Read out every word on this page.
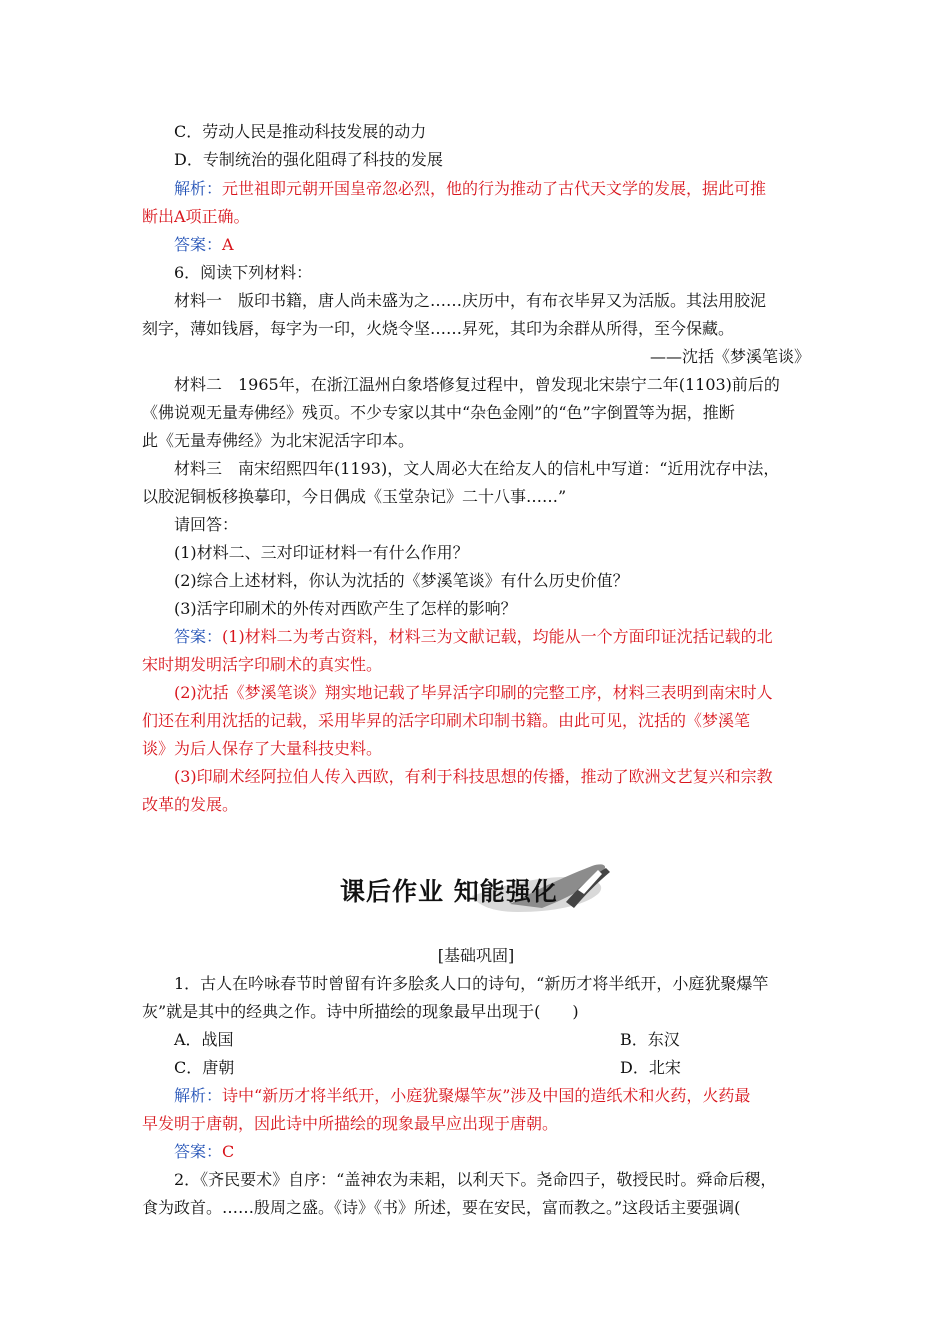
C．劳动人民是推动科技发展的动力
D．专制统治的强化阻碍了科技的发展
解析：元世祖即元朝开国皇帝忽必烈，他的行为推动了古代天文学的发展，据此可推
断出A项正确。
答案：A
6．阅读下列材料：
材料一　版印书籍，唐人尚未盛为之……庆历中，有布衣毕昇又为活版。其法用胶泥
刻字，薄如钱唇，每字为一印，火烧令坚……昇死，其印为余群从所得，至今保藏。
——沈括《梦溪笔谈》
材料二　1965年，在浙江温州白象塔修复过程中，曾发现北宋崇宁二年(1103)前后的
《佛说观无量寿佛经》残页。不少专家以其中“杂色金刚”的“色”字倒置等为据，推断
此《无量寿佛经》为北宋泥活字印本。
材料三　南宋绍熙四年(1193)，文人周必大在给友人的信札中写道：“近用沈存中法，
以胶泥铜板移换摹印，今日偶成《玉堂杂记》二十八事……”
请回答：
(1)材料二、三对印证材料一有什么作用？
(2)综合上述材料，你认为沈括的《梦溪笔谈》有什么历史价值？
(3)活字印刷术的外传对西欧产生了怎样的影响？
答案：(1)材料二为考古资料，材料三为文献记载，均能从一个方面印证沈括记载的北
宋时期发明活字印刷术的真实性。
(2)沈括《梦溪笔谈》翔实地记载了毕昇活字印刷的完整工序，材料三表明到南宋时人
们还在利用沈括的记载，采用毕昇的活字印刷术印制书籍。由此可见，沈括的《梦溪笔
谈》为后人保存了大量科技史料。
(3)印刷术经阿拉伯人传入西欧，有利于科技思想的传播，推动了欧洲文艺复兴和宗教
改革的发展。
课后作业 知能强化
[基础巩固]
1．古人在吟咏春节时曾留有许多脍炙人口的诗句，“新历才将半纸开，小庭犹聚爆竿
灰”就是其中的经典之作。诗中所描绘的现象最早出现于(　　)
A．战国	B．东汉
C．唐朝	D．北宋
解析：诗中“新历才将半纸开，小庭犹聚爆竿灰”涉及中国的造纸术和火药，火药最
早发明于唐朝，因此诗中所描绘的现象最早应出现于唐朝。
答案：C
2．《齐民要术》自序：“盖神农为耒耜，以利天下。尧命四子，敬授民时。舜命后稷，
食为政首。……殷周之盛。《诗》《书》所述，要在安民，富而教之。”这段话主要强调(
